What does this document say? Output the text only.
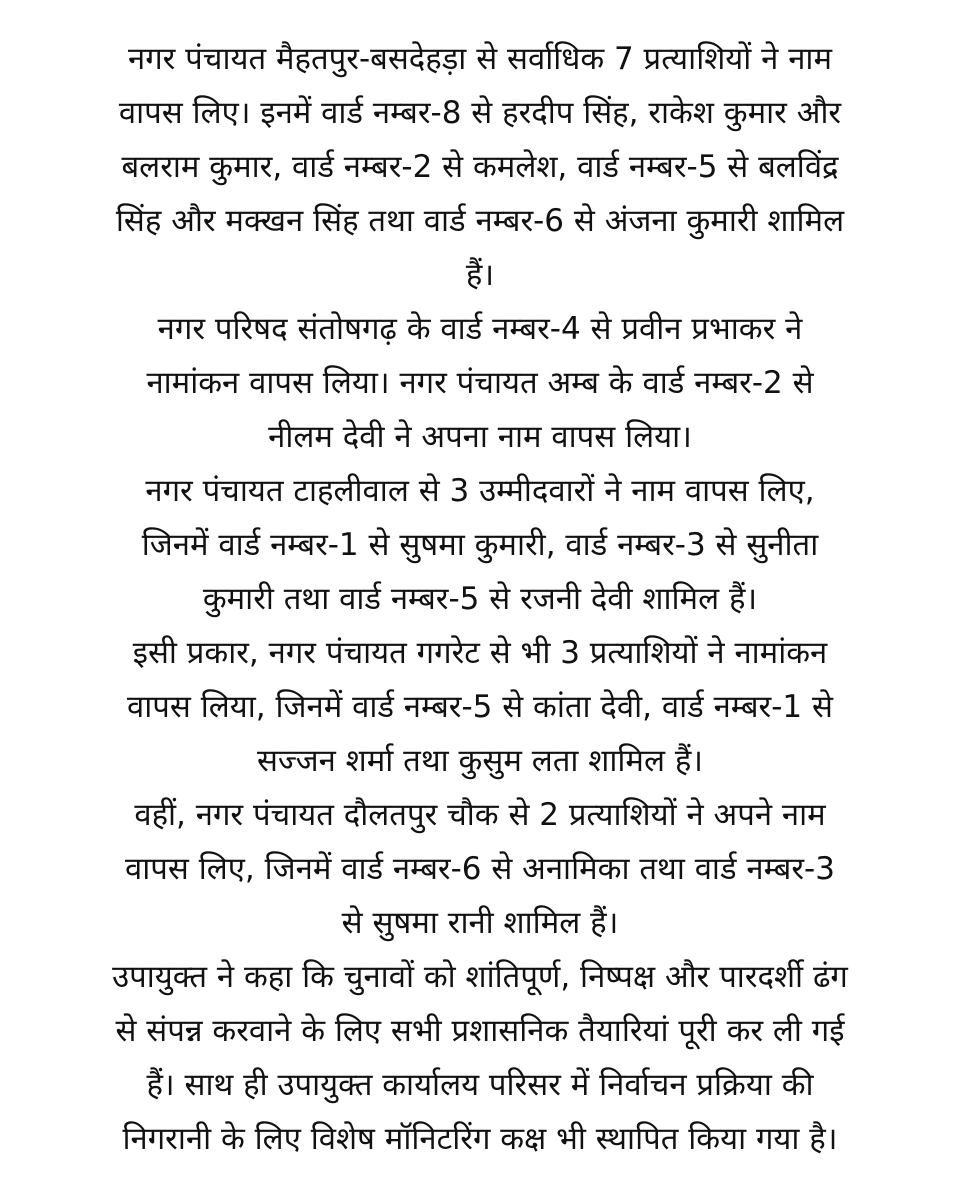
नगर पंचायत मैहतपुर-बसदेहड़ा से सर्वाधिक 7 प्रत्याशियों ने नाम
वापस लिए। इनमें वार्ड नम्बर-8 से हरदीप सिंह, राकेश कुमार और
बलराम कुमार, वार्ड नम्बर-2 से कमलेश, वार्ड नम्बर-5 से बलविंद्र
सिंह और मक्खन सिंह तथा वार्ड नम्बर-6 से अंजना कुमारी शामिल
हैं।
नगर परिषद संतोषगढ़ के वार्ड नम्बर-4 से प्रवीन प्रभाकर ने
नामांकन वापस लिया। नगर पंचायत अम्ब के वार्ड नम्बर-2 से
नीलम देवी ने अपना नाम वापस लिया।
नगर पंचायत टाहलीवाल से 3 उम्मीदवारों ने नाम वापस लिए,
जिनमें वार्ड नम्बर-1 से सुषमा कुमारी, वार्ड नम्बर-3 से सुनीता
कुमारी तथा वार्ड नम्बर-5 से रजनी देवी शामिल हैं।
इसी प्रकार, नगर पंचायत गगरेट से भी 3 प्रत्याशियों ने नामांकन
वापस लिया, जिनमें वार्ड नम्बर-5 से कांता देवी, वार्ड नम्बर-1 से
सज्जन शर्मा तथा कुसुम लता शामिल हैं।
वहीं, नगर पंचायत दौलतपुर चौक से 2 प्रत्याशियों ने अपने नाम
वापस लिए, जिनमें वार्ड नम्बर-6 से अनामिका तथा वार्ड नम्बर-3
से सुषमा रानी शामिल हैं।
उपायुक्त ने कहा कि चुनावों को शांतिपूर्ण, निष्पक्ष और पारदर्शी ढंग
से संपन्न करवाने के लिए सभी प्रशासनिक तैयारियां पूरी कर ली गई
हैं। साथ ही उपायुक्त कार्यालय परिसर में निर्वाचन प्रक्रिया की
निगरानी के लिए विशेष मॉनिटरिंग कक्ष भी स्थापित किया गया है।
